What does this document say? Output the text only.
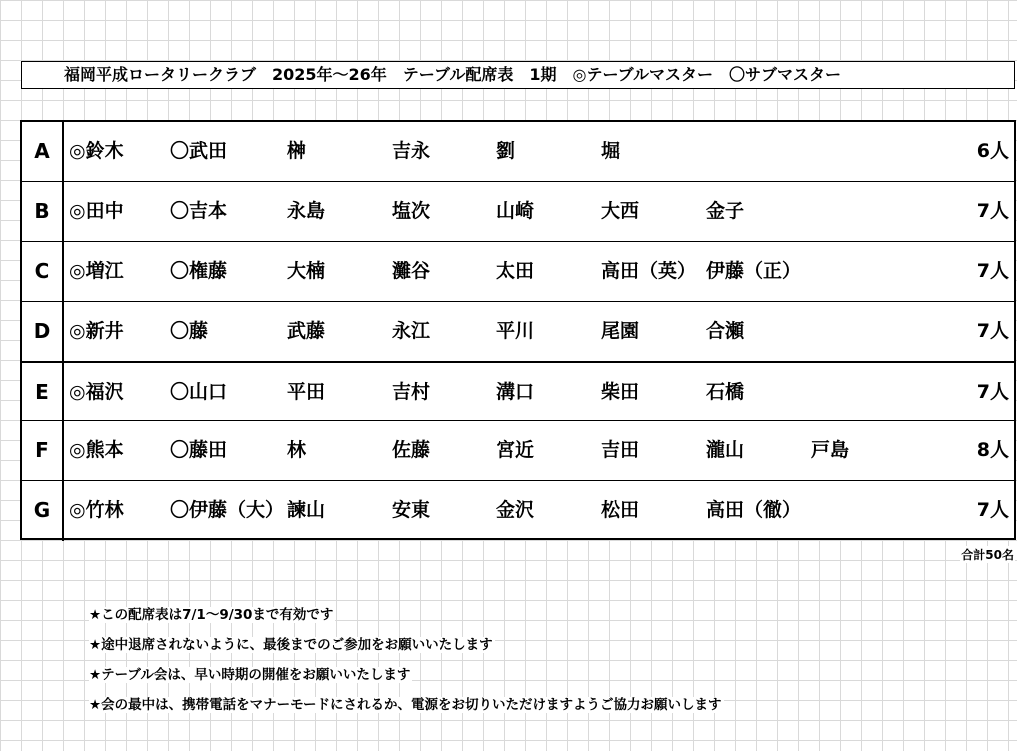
福岡平成ロータリークラブ　2025年～26年　テーブル配席表　1期　◎テーブルマスター　〇サブマスター
A	◎鈴木 〇武田	榊	吉永	劉	堀	6人
B	◎田中 〇吉本	永島	塩次	山崎	大西	金子	7人
C	◎増江 〇権藤	大楠	灘谷	太田	高田（英） 伊藤（正）	7人
D ◎新井 〇藤	武藤	永江	平川	尾園	合瀬	7人
E	◎福沢 〇山口	平田	吉村	溝口	柴田	石橋	7人
F	◎熊本 〇藤田	林	佐藤	宮近	吉田	瀧山	戸島	8人
G ◎竹林 〇伊藤（大） 諫山	安東	金沢	松田	高田（徹）	7人
合計50名
★この配席表は7/1～9/30まで有効です
★途中退席されないように、最後までのご参加をお願いいたします
★テーブル会は、早い時期の開催をお願いいたします
★会の最中は、携帯電話をマナーモードにされるか、電源をお切りいただけますようご協力お願いします
